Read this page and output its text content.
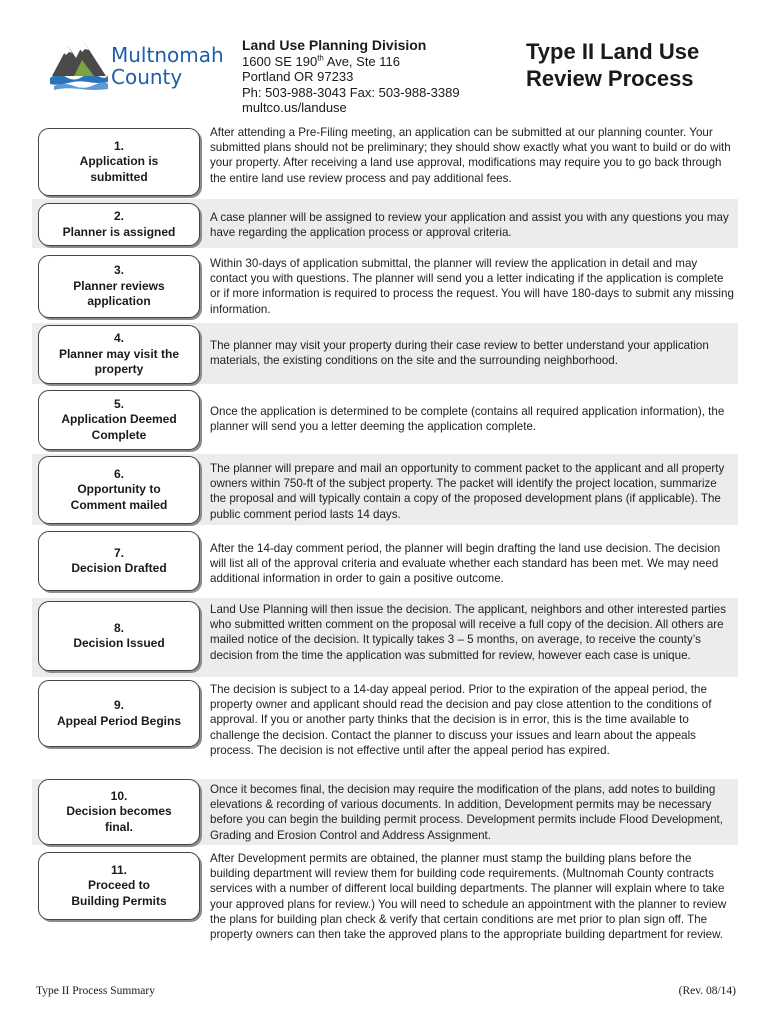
Multnomah
County
Land Use Planning Division
1600 SE 190th Ave, Ste 116
Portland OR 97233
Ph: 503-988-3043 Fax: 503-988-3389
multco.us/landuse
Type II Land Use
Review Process
1.
Application is submitted
After attending a Pre-Filing meeting, an application can be submitted at our planning counter. Your submitted plans should not be preliminary; they should show exactly what you want to build or do with your property. After receiving a land use approval, modifications may require you to go back through the entire land use review process and pay additional fees.
2.
Planner is assigned
A case planner will be assigned to review your application and assist you with any questions you may have regarding the application process or approval criteria.
3.
Planner reviews application
Within 30-days of application submittal, the planner will review the application in detail and may contact you with questions. The planner will send you a letter indicating if the application is complete or if more information is required to process the request. You will have 180-days to submit any missing information.
4.
Planner may visit the property
The planner may visit your property during their case review to better understand your application materials, the existing conditions on the site and the surrounding neighborhood.
5.
Application Deemed Complete
Once the application is determined to be complete (contains all required application information), the planner will send you a letter deeming the application complete.
6.
Opportunity to Comment mailed
The planner will prepare and mail an opportunity to comment packet to the applicant and all property owners within 750-ft of the subject property. The packet will identify the project location, summarize the proposal and will typically contain a copy of the proposed development plans (if applicable). The public comment period lasts 14 days.
7.
Decision Drafted
After the 14-day comment period, the planner will begin drafting the land use decision. The decision will list all of the approval criteria and evaluate whether each standard has been met. We may need additional information in order to gain a positive outcome.
8.
Decision Issued
Land Use Planning will then issue the decision. The applicant, neighbors and other interested parties who submitted written comment on the proposal will receive a full copy of the decision. All others are mailed notice of the decision. It typically takes 3 – 5 months, on average, to receive the county’s decision from the time the application was submitted for review, however each case is unique.
9.
Appeal Period Begins
The decision is subject to a 14-day appeal period. Prior to the expiration of the appeal period, the property owner and applicant should read the decision and pay close attention to the conditions of approval. If you or another party thinks that the decision is in error, this is the time available to challenge the decision. Contact the planner to discuss your issues and learn about the appeals process. The decision is not effective until after the appeal period has expired.
10.
Decision becomes final.
Once it becomes final, the decision may require the modification of the plans, add notes to building elevations & recording of various documents. In addition, Development permits may be necessary before you can begin the building permit process. Development permits include Flood Development, Grading and Erosion Control and Address Assignment.
11.
Proceed to Building Permits
After Development permits are obtained, the planner must stamp the building plans before the building department will review them for building code requirements. (Multnomah County contracts services with a number of different local building departments. The planner will explain where to take your approved plans for review.) You will need to schedule an appointment with the planner to review the plans for building plan check & verify that certain conditions are met prior to plan sign off. The property owners can then take the approved plans to the appropriate building department for review.
Type II Process Summary	(Rev. 08/14)
